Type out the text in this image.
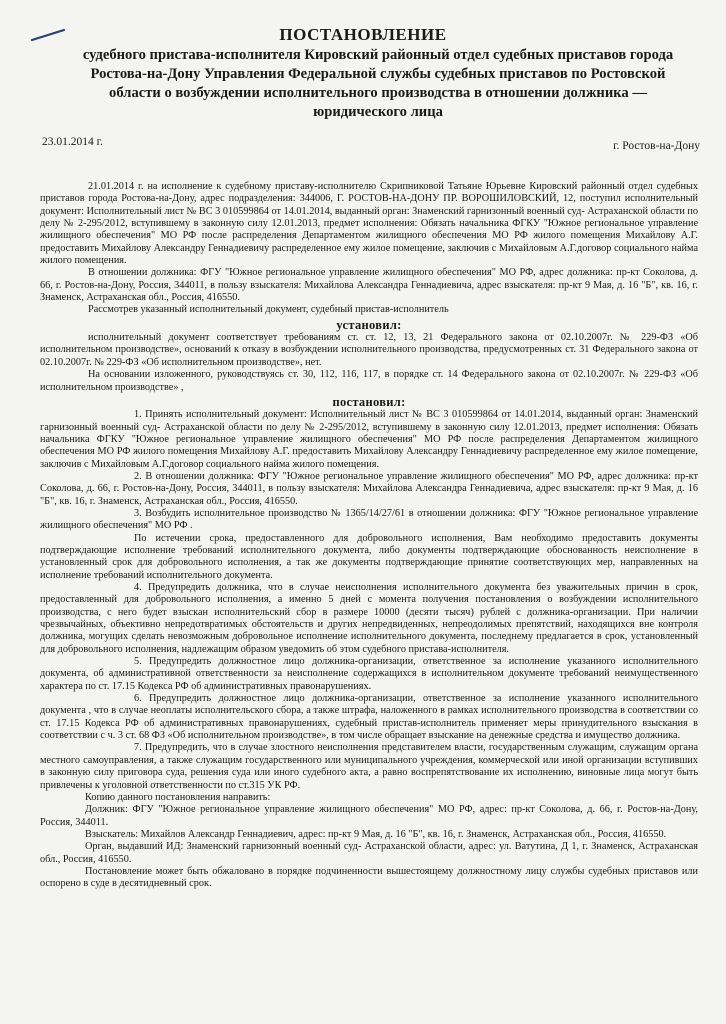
ПОСТАНОВЛЕНИЕ
судебного пристава-исполнителя Кировский районный отдел судебных приставов города Ростова-на-Дону Управления Федеральной службы судебных приставов по Ростовской области о возбуждении исполнительного производства в отношении должника — юридического лица
23.01.2014 г.	г. Ростов-на-Дону

21.01.2014 г. на исполнение к судебному приставу-исполнителю Скрипниковой Татьяне Юрьевне Кировский районный отдел судебных приставов города Ростова-на-Дону, адрес подразделения: 344006, Г. РОСТОВ-НА-ДОНУ ПР. ВОРОШИЛОВСКИЙ, 12, поступил исполнительный документ: Исполнительный лист № ВС 3 010599864 от 14.01.2014, выданный орган: Знаменский гарнизонный военный суд- Астраханской области по делу № 2-295/2012, вступившему в законную силу 12.01.2013, предмет исполнения: Обязать начальника ФГКУ "Южное региональное управление жилищного обеспечения" МО РФ после распределения Департаментом жилищного обеспечения МО РФ жилого помещения Михайлову А.Г. предоставить Михайлову Александру Геннадиевичу распределенное ему жилое помещение, заключив с Михайловым А.Г.договор социального найма жилого помещения.

В отношении должника: ФГУ "Южное региональное управление жилищного обеспечения" МО РФ, адрес должника: пр-кт Соколова, д. 66, г. Ростов-на-Дону, Россия, 344011, в пользу взыскателя: Михайлова Александра Геннадиевича, адрес взыскателя: пр-кт 9 Мая, д. 16 "Б", кв. 16, г. Знаменск, Астраханская обл., Россия, 416550.

Рассмотрев указанный исполнительный документ, судебный пристав-исполнитель

установил:

исполнительный документ соответствует требованиям ст. ст. 12, 13, 21 Федерального закона от 02.10.2007г. № 229-ФЗ «Об исполнительном производстве», оснований к отказу в возбуждении исполнительного производства, предусмотренных ст. 31 Федерального закона от 02.10.2007г. № 229-ФЗ «Об исполнительном производстве», нет.

На основании изложенного, руководствуясь ст. 30, 112, 116, 117, в порядке ст. 14 Федерального закона от 02.10.2007г. № 229-ФЗ «Об исполнительном производстве» ,

постановил:

1. Принять исполнительный документ: Исполнительный лист № ВС 3 010599864 от 14.01.2014, выданный орган: Знаменский гарнизонный военный суд- Астраханской области по делу № 2-295/2012, вступившему в законную силу 12.01.2013, предмет исполнения: Обязать начальника ФГКУ "Южное региональное управление жилищного обеспечения" МО РФ после распределения Департаментом жилищного обеспечения МО РФ жилого помещения Михайлову А.Г. предоставить Михайлову Александру Геннадиевичу распределенное ему жилое помещение, заключив с Михайловым А.Г.договор социального найма жилого помещения.

2. В отношении должника: ФГУ "Южное региональное управление жилищного обеспечения" МО РФ, адрес должника: пр-кт Соколова, д. 66, г. Ростов-на-Дону, Россия, 344011, в пользу взыскателя: Михайлова Александра Геннадиевича, адрес взыскателя: пр-кт 9 Мая, д. 16 "Б", кв. 16, г. Знаменск, Астраханская обл., Россия, 416550.

3. Возбудить исполнительное производство № 1365/14/27/61 в отношении должника: ФГУ "Южное региональное управление жилищного обеспечения" МО РФ .

По истечении срока, предоставленного для добровольного исполнения, Вам необходимо предоставить документы подтверждающие исполнение требований исполнительного документа, либо документы подтверждающие обоснованность неисполнение в установленный срок для добровольного исполнения, а так же документы подтверждающие принятие соответствующих мер, направленных на исполнение требований исполнительного документа.

4. Предупредить должника, что в случае неисполнения исполнительного документа без уважительных причин в срок, предоставленный для добровольного исполнения, а именно 5 дней с момента получения постановления о возбуждении исполнительного производства, с него будет взыскан исполнительский сбор в размере 10000 (десяти тысяч) рублей с должника-организации. При наличии чрезвычайных, объективно непредотвратимых обстоятельств и других непредвиденных, непреодолимых препятствий, находящихся вне контроля должника, могущих сделать невозможным добровольное исполнение исполнительного документа, последнему предлагается в срок, установленный для добровольного исполнения, надлежащим образом уведомить об этом судебного пристава-исполнителя.

5. Предупредить должностное лицо должника-организации, ответственное за исполнение указанного исполнительного документа, об административной ответственности за неисполнение содержащихся в исполнительном документе требований неимущественного характера по ст. 17.15 Кодекса РФ об административных правонарушениях.

6. Предупредить должностное лицо должника-организации, ответственное за исполнение указанного исполнительного документа , что в случае неоплаты исполнительского сбора, а также штрафа, наложенного в рамках исполнительного производства в соответствии со ст. 17.15 Кодекса РФ об административных правонарушениях, судебный пристав-исполнитель применяет меры принудительного взыскания в соответствии с ч. 3 ст. 68 ФЗ «Об исполнительном производстве», в том числе обращает взыскание на денежные средства и имущество должника.

7. Предупредить, что в случае злостного неисполнения представителем власти, государственным служащим, служащим органа местного самоуправления, а также служащим государственного или муниципального учреждения, коммерческой или иной организации вступивших в законную силу приговора суда, решения суда или иного судебного акта, а равно воспрепятствование их исполнению, виновные лица могут быть привлечены к уголовной ответственности по ст.315 УК РФ.

Копию данного постановления направить:

Должник: ФГУ "Южное региональное управление жилищного обеспечения" МО РФ, адрес: пр-кт Соколова, д. 66, г. Ростов-на-Дону, Россия, 344011.

Взыскатель: Михайлов Александр Геннадиевич, адрес: пр-кт 9 Мая, д. 16 "Б", кв. 16, г. Знаменск, Астраханская обл., Россия, 416550.

Орган, выдавший ИД: Знаменский гарнизонный военный суд- Астраханской области, адрес: ул. Ватутина, Д 1, г. Знаменск, Астраханская обл., Россия, 416550.

Постановление может быть обжаловано в порядке подчиненности вышестоящему должностному лицу службы судебных приставов или оспорено в суде в десятидневный срок.
